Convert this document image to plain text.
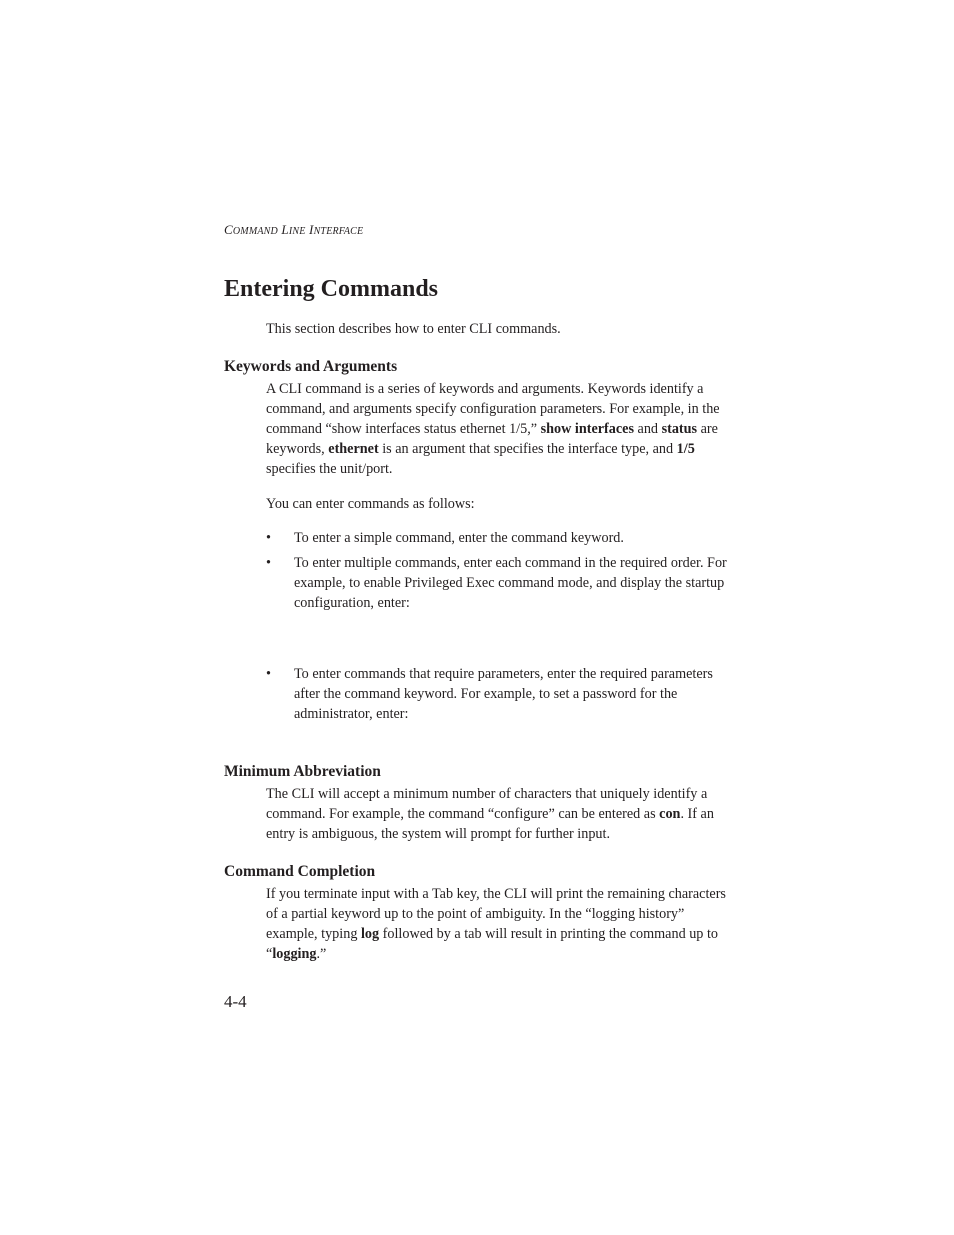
COMMAND LINE INTERFACE
Entering Commands

This section describes how to enter CLI commands.

Keywords and Arguments

A CLI command is a series of keywords and arguments. Keywords identify a command, and arguments specify configuration parameters. For example, in the command “show interfaces status ethernet 1/5,” show interfaces and status are keywords, ethernet is an argument that specifies the interface type, and 1/5 specifies the unit/port.

You can enter commands as follows:

• To enter a simple command, enter the command keyword.
• To enter multiple commands, enter each command in the required order. For example, to enable Privileged Exec command mode, and display the startup configuration, enter:
• To enter commands that require parameters, enter the required parameters after the command keyword. For example, to set a password for the administrator, enter:
Minimum Abbreviation

The CLI will accept a minimum number of characters that uniquely identify a command. For example, the command “configure” can be entered as con. If an entry is ambiguous, the system will prompt for further input.

Command Completion

If you terminate input with a Tab key, the CLI will print the remaining characters of a partial keyword up to the point of ambiguity. In the “logging history” example, typing log followed by a tab will result in printing the command up to “logging.”

4-4
